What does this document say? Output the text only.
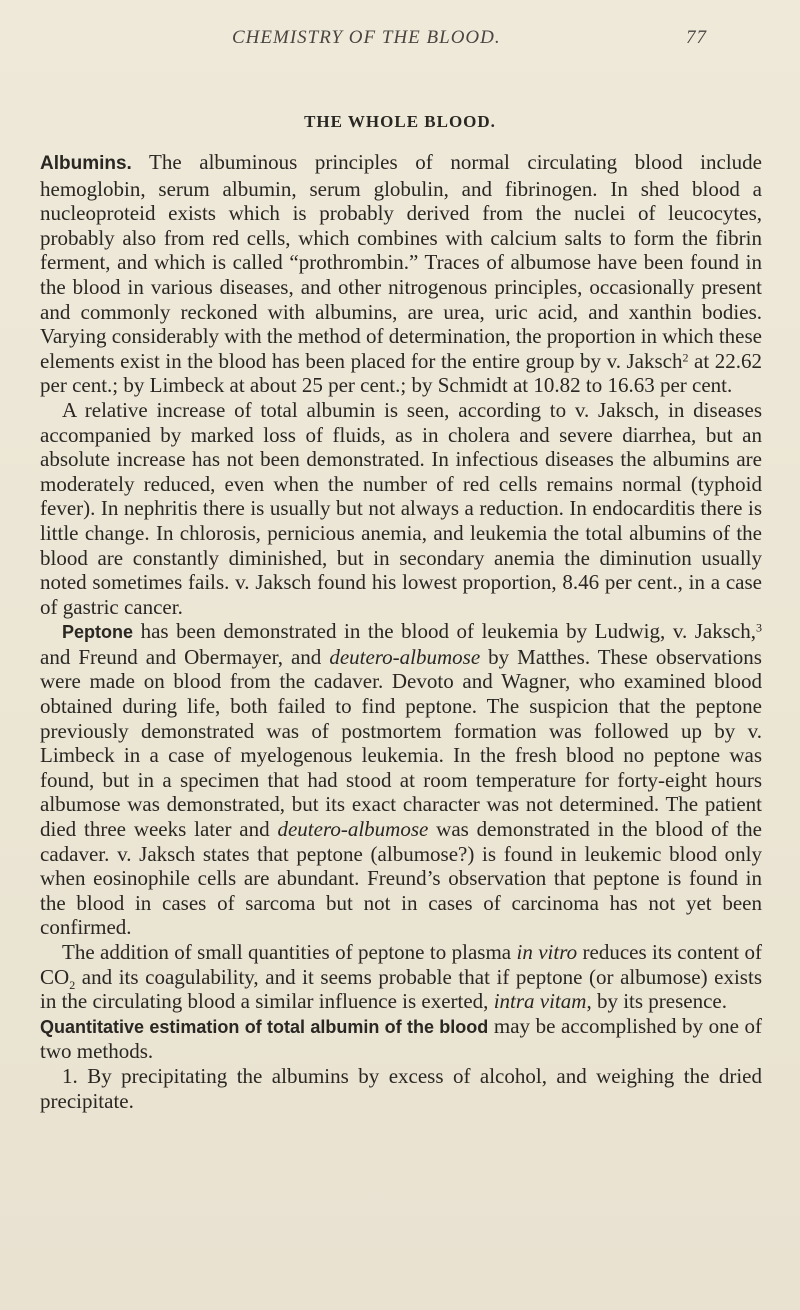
CHEMISTRY OF THE BLOOD.	77
THE WHOLE BLOOD.

Albumins. The albuminous principles of normal circulating blood include hemoglobin, serum albumin, serum globulin, and fibrinogen. In shed blood a nucleoproteid exists which is probably derived from the nuclei of leucocytes, probably also from red cells, which combines with calcium salts to form the fibrin ferment, and which is called “prothrombin.” Traces of albumose have been found in the blood in various diseases, and other nitrogenous principles, occasionally present and commonly reckoned with albumins, are urea, uric acid, and xanthin bodies. Varying considerably with the method of determination, the proportion in which these elements exist in the blood has been placed for the entire group by v. Jaksch$^2$ at 22.62 per cent.; by Limbeck at about 25 per cent.; by Schmidt at 10.82 to 16.63 per cent.

A relative increase of total albumin is seen, according to v. Jaksch, in diseases accompanied by marked loss of fluids, as in cholera and severe diarrhea, but an absolute increase has not been demonstrated. In infectious diseases the albumins are moderately reduced, even when the number of red cells remains normal (typhoid fever). In nephritis there is usually but not always a reduction. In endocarditis there is little change. In chlorosis, pernicious anemia, and leukemia the total albumins of the blood are constantly diminished, but in secondary anemia the diminution usually noted sometimes fails. v. Jaksch found his lowest proportion, 8.46 per cent., in a case of gastric cancer.

Peptone has been demonstrated in the blood of leukemia by Ludwig, v. Jaksch,$^3$ and Freund and Obermayer, and deutero-albumose by Matthes. These observations were made on blood from the cadaver. Devoto and Wagner, who examined blood obtained during life, both failed to find peptone. The suspicion that the peptone previously demonstrated was of postmortem formation was followed up by v. Limbeck in a case of myelogenous leukemia. In the fresh blood no peptone was found, but in a specimen that had stood at room temperature for forty-eight hours albumose was demonstrated, but its exact character was not determined. The patient died three weeks later and deutero-albumose was demonstrated in the blood of the cadaver. v. Jaksch states that peptone (albumose?) is found in leukemic blood only when eosinophile cells are abundant. Freund’s observation that peptone is found in the blood in cases of sarcoma but not in cases of carcinoma has not yet been confirmed.

The addition of small quantities of peptone to plasma in vitro reduces its content of $CO_2$ and its coagulability, and it seems probable that if peptone (or albumose) exists in the circulating blood a similar influence is exerted, intra vitam, by its presence.

Quantitative estimation of total albumin of the blood may be accomplished by one of two methods.

1. By precipitating the albumins by excess of alcohol, and weighing the dried precipitate.
